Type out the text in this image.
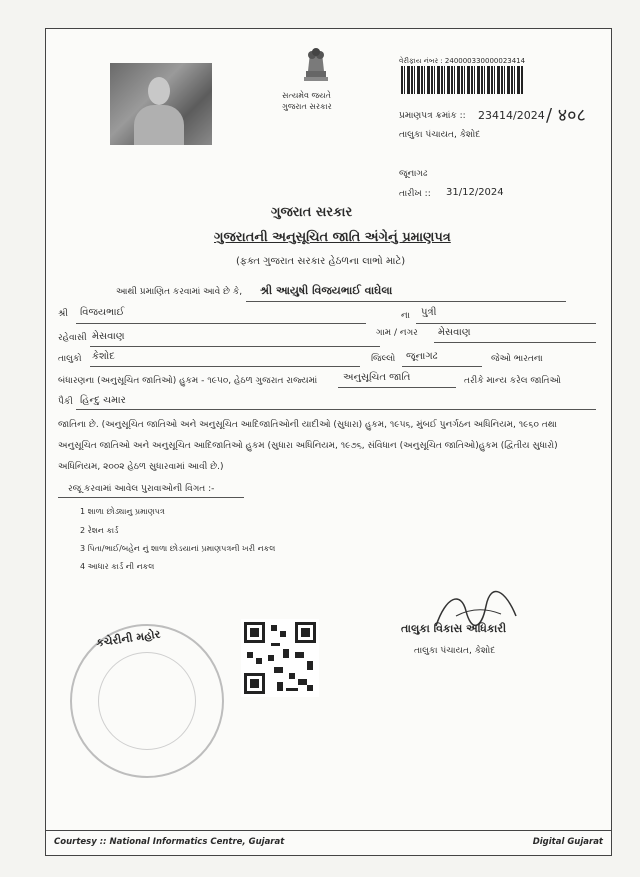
સત્યમેવ જયતે
ગુજરાત સરકાર
વેરીફાય નંબર : 240000330000023414
પ્રમાણપત્ર ક્રમાંક :: 23414/2024 / ४०८
તાલુકા પંચાયત, કેશોદ
જૂનાગઢ
તારીખ :: 31/12/2024
ગુજરાત સરકાર
ગુજરાતની અનુસૂચિત જાતિ અંગેનું પ્રમાણપત્ર
(ફક્ત ગુજરાત સરકાર હેઠળના લાભો માટે)
આથી પ્રમાણિત કરવામાં આવે છે કે, શ્રી આયુષી વિજયભાઈ વાઘેલા
શ્રી વિજયભાઈ	ના પુત્રી
રહેવાસી મેસવાણ	ગામ / નગર મેસવાણ
તાલુકો કેશોદ	જિલ્લો જૂનાગઢ	જેઓ ભારતના
બંધારણના (અનુસૂચિત જાતિઓ) હુકમ - ૧૯૫૦, હેઠળ ગુજરાત રાજ્યમાં	અનુસૂચિત જાતિ	તરીકે માન્ય કરેલ જાતિઓ
પૈકી હિન્દુ ચમાર
જાતિના છે. (અનુસૂચિત જાતિઓ અને અનુસૂચિત આદિજાતિઓની યાદીઓ (સુધારા) હુકમ, ૧૯૫૬, મુંબઈ પુનર્ગઠન અધિનિયમ, ૧૯૬૦ તથા
અનુસૂચિત જાતિઓ અને અનુસૂચિત આદિજાતિઓ હુકમ (સુધારા અધિનિયમ, ૧૯૭૬, સંવિધાન (અનુસૂચિત જાતિઓ)હુકમ (દ્વિતીય સુધારો)
અધિનિયમ, ૨૦૦૨ હેઠળ સુધારવામાં આવી છે.)
રજૂ કરવામાં આવેલ પુરાવાઓની વિગત :-
1 શાળા છોડ્યાનુ પ્રમાણપત્ર
2 રેશન કાર્ડ
3 પિતા/ભાઈ/બહેન નું શાળા છોડયાનાં પ્રમાણપત્રની ખરી નકલ
4 આધાર કાર્ડ ની નકલ
કચેરીની મહોર	તાલુકા વિકાસ અધિકારી
તાલુકા પંચાયત, કેશોદ
Courtesy :: National Informatics Centre, Gujarat	Digital Gujarat
